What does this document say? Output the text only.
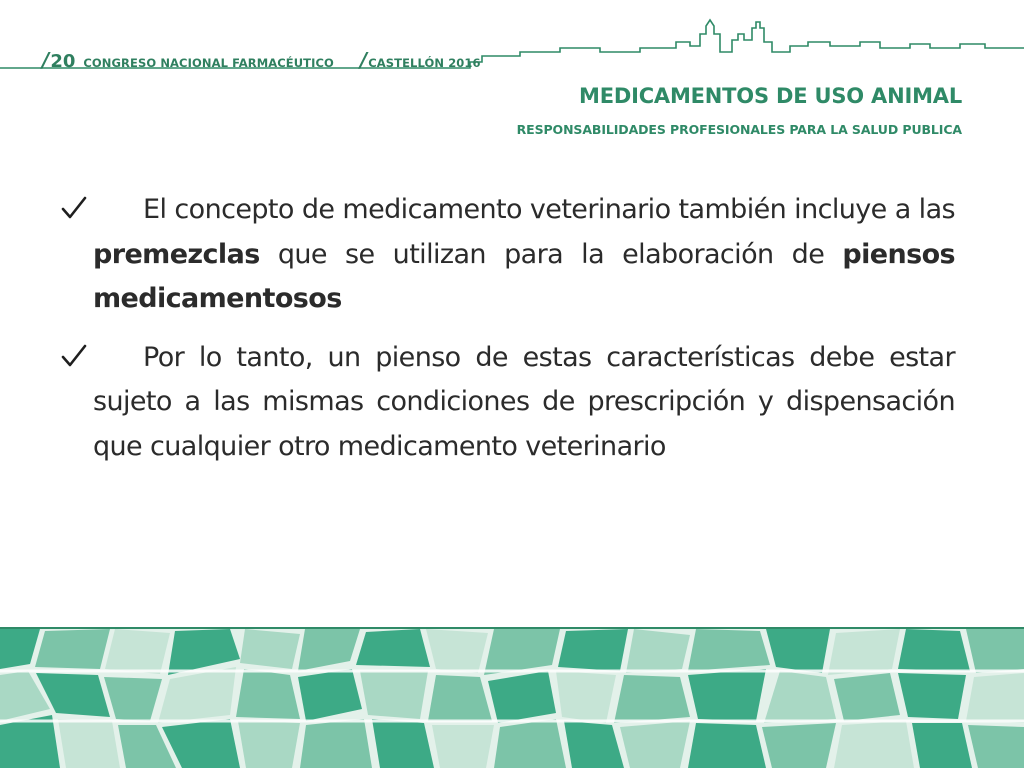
/ 20 CONGRESO NACIONAL FARMACÉUTICO / CASTELLÓN 2016
MEDICAMENTOS DE USO ANIMAL
RESPONSABILIDADES PROFESIONALES PARA LA SALUD PUBLICA
El concepto de medicamento veterinario también incluye a las premezclas que se utilizan para la elaboración de piensos medicamentosos
Por lo tanto, un pienso de estas características debe estar sujeto a las mismas condiciones de prescripción y dispensación que cualquier otro medicamento veterinario
